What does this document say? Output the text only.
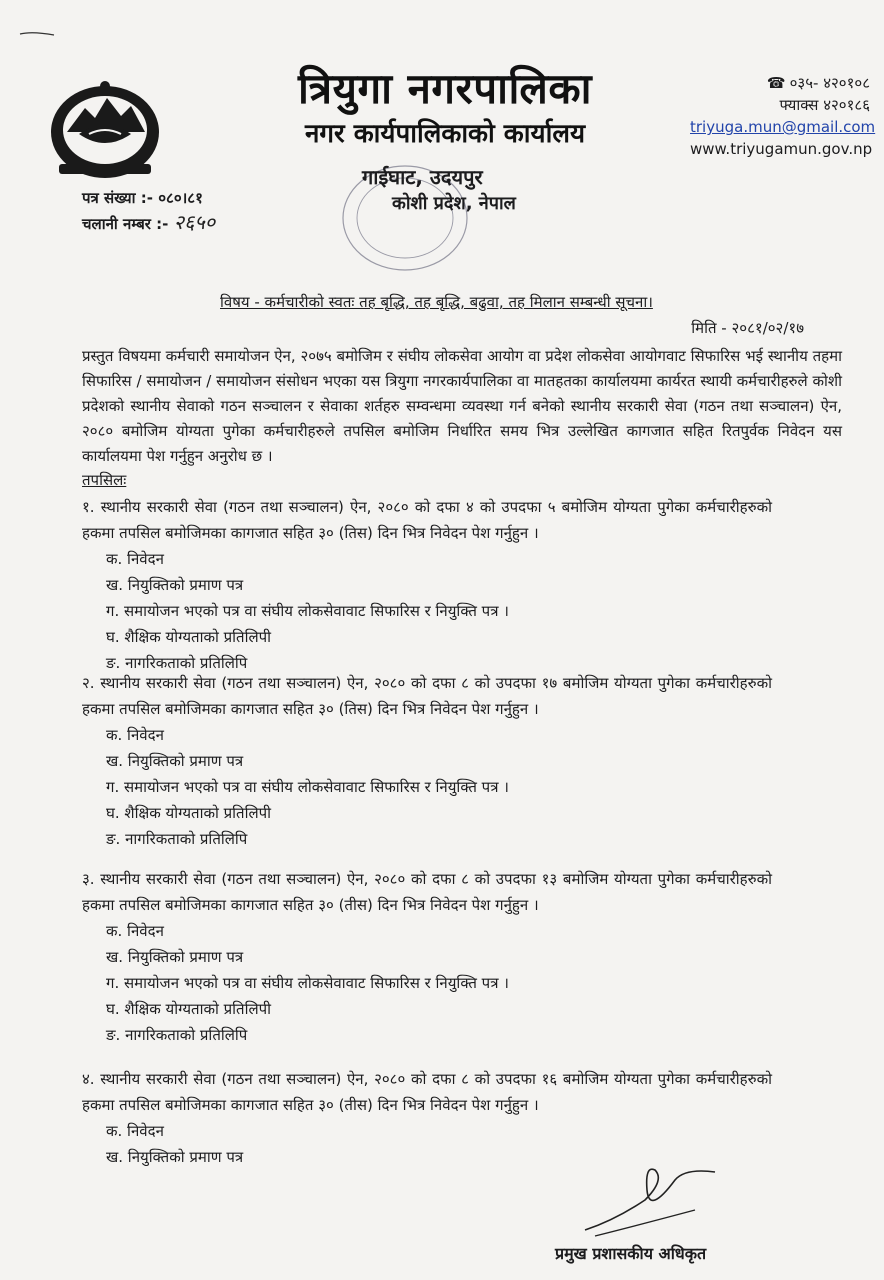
त्रियुगा नगरपालिका
नगर कार्यपालिकाको कार्यालय
गाईघाट, उदयपुर
कोशी प्रदेश, नेपाल
☎ ०३५- ४२०१०८
फ्याक्स ४२०१८६
triyuga.mun@gmail.com
www.triyugamun.gov.np
पत्र संख्या :- ०८०।८१
चलानी नम्बर :- २६५०
विषय - कर्मचारीको स्वतः तह बृद्धि, तह बृद्धि, बढुवा, तह मिलान सम्बन्धी सूचना।
मिति - २०८१/०२/१७
प्रस्तुत विषयमा कर्मचारी समायोजन ऐन, २०७५ बमोजिम र संघीय लोकसेवा आयोग वा प्रदेश लोकसेवा आयोगवाट सिफारिस भई स्थानीय तहमा सिफारिस / समायोजन / समायोजन संसोधन भएका यस त्रियुगा नगरकार्यपालिका वा मातहतका कार्यालयमा कार्यरत स्थायी कर्मचारीहरुले कोशी प्रदेशको स्थानीय सेवाको गठन सञ्चालन र सेवाका शर्तहरु सम्वन्धमा व्यवस्था गर्न बनेको स्थानीय सरकारी सेवा (गठन तथा सञ्चालन) ऐन, २०८० बमोजिम योग्यता पुगेका कर्मचारीहरुले तपसिल बमोजिम निर्धारित समय भित्र उल्लेखित कागजात सहित रितपुर्वक निवेदन यस कार्यालयमा पेश गर्नुहुन अनुरोध छ ।
तपसिलः
१. स्थानीय सरकारी सेवा (गठन तथा सञ्चालन) ऐन, २०८० को दफा ४ को उपदफा ५ बमोजिम योग्यता पुगेका कर्मचारीहरुको हकमा तपसिल बमोजिमका कागजात सहित ३० (तिस) दिन भित्र निवेदन पेश गर्नुहुन ।
क. निवेदन
ख. नियुक्तिको प्रमाण पत्र
ग. समायोजन भएको पत्र वा संघीय लोकसेवावाट सिफारिस र नियुक्ति पत्र ।
घ. शैक्षिक योग्यताको प्रतिलिपी
ङ. नागरिकताको प्रतिलिपि
२. स्थानीय सरकारी सेवा (गठन तथा सञ्चालन) ऐन, २०८० को दफा ८ को उपदफा १७ बमोजिम योग्यता पुगेका कर्मचारीहरुको हकमा तपसिल बमोजिमका कागजात सहित ३० (तिस) दिन भित्र निवेदन पेश गर्नुहुन ।
क. निवेदन
ख. नियुक्तिको प्रमाण पत्र
ग. समायोजन भएको पत्र वा संघीय लोकसेवावाट सिफारिस र नियुक्ति पत्र ।
घ. शैक्षिक योग्यताको प्रतिलिपी
ङ. नागरिकताको प्रतिलिपि
३. स्थानीय सरकारी सेवा (गठन तथा सञ्चालन) ऐन, २०८० को दफा ८ को उपदफा १३ बमोजिम योग्यता पुगेका कर्मचारीहरुको हकमा तपसिल बमोजिमका कागजात सहित ३० (तीस) दिन भित्र निवेदन पेश गर्नुहुन ।
क. निवेदन
ख. नियुक्तिको प्रमाण पत्र
ग. समायोजन भएको पत्र वा संघीय लोकसेवावाट सिफारिस र नियुक्ति पत्र ।
घ. शैक्षिक योग्यताको प्रतिलिपी
ङ. नागरिकताको प्रतिलिपि
४. स्थानीय सरकारी सेवा (गठन तथा सञ्चालन) ऐन, २०८० को दफा ८ को उपदफा १६ बमोजिम योग्यता पुगेका कर्मचारीहरुको हकमा तपसिल बमोजिमका कागजात सहित ३० (तीस) दिन भित्र निवेदन पेश गर्नुहुन ।
क. निवेदन
ख. नियुक्तिको प्रमाण पत्र
प्रमुख प्रशासकीय अधिकृत
